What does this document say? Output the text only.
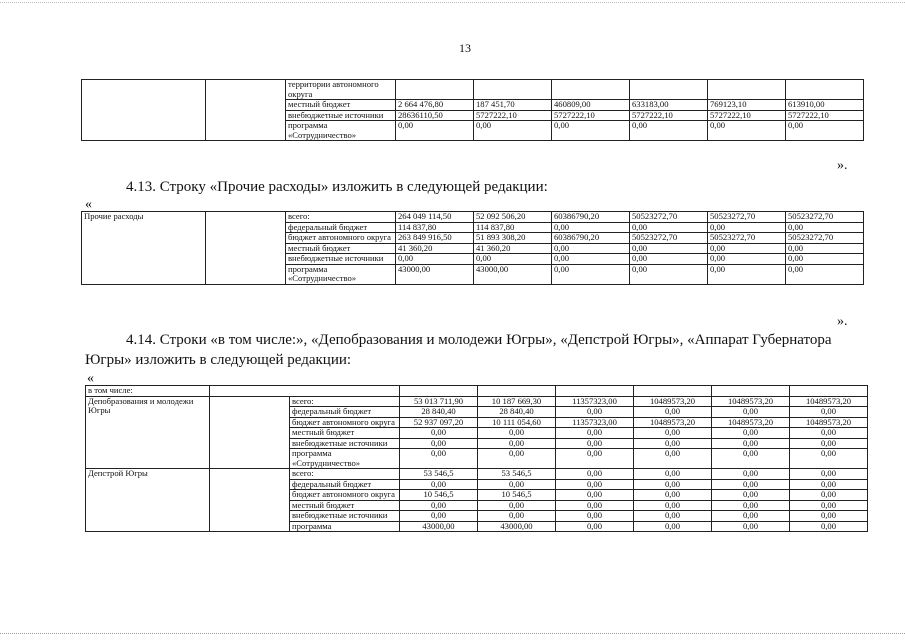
13
		территории автономного округа						
		местный бюджет	2 664 476,80	187 451,70	460809,00	633183,00	769123,10	613910,00
		внебюджетные источники	28636110,50	5727222,10	5727222,10	5727222,10	5727222,10	5727222,10
		программа «Сотрудничество»	0,00	0,00	0,00	0,00	0,00	0,00
».
4.13. Строку «Прочие расходы» изложить в следующей редакции:
«
Прочие расходы		всего:	264 049 114,50	52 092 506,20	60386790,20	50523272,70	50523272,70	50523272,70
		федеральный бюджет	114 837,80	114 837,80	0,00	0,00	0,00	0,00
		бюджет автономного округа	263 849 916,50	51 893 308,20	60386790,20	50523272,70	50523272,70	50523272,70
		местный бюджет	41 360,20	41 360,20	0,00	0,00	0,00	0,00
		внебюджетные источники	0,00	0,00	0,00	0,00	0,00	0,00
		программа «Сотрудничество»	43000,00	43000,00	0,00	0,00	0,00	0,00
».
4.14. Строки «в том числе:», «Депобразования и молодежи Югры», «Депстрой Югры», «Аппарат Губернатора
Югры» изложить в следующей редакции:
«
в том числе:								
Депобразования и молодежи Югры		всего:	53 013 711,90	10 187 669,30	11357323,00	10489573,20	10489573,20	10489573,20
		федеральный бюджет	28 840,40	28 840,40	0,00	0,00	0,00	0,00
		бюджет автономного округа	52 937 097,20	10 111 054,60	11357323,00	10489573,20	10489573,20	10489573,20
		местный бюджет	0,00	0,00	0,00	0,00	0,00	0,00
		внебюджетные источники	0,00	0,00	0,00	0,00	0,00	0,00
		программа «Сотрудничество»	0,00	0,00	0,00	0,00	0,00	0,00
Депстрой Югры		всего:	53 546,5	53 546,5	0,00	0,00	0,00	0,00
		федеральный бюджет	0,00	0,00	0,00	0,00	0,00	0,00
		бюджет автономного округа	10 546,5	10 546,5	0,00	0,00	0,00	0,00
		местный бюджет	0,00	0,00	0,00	0,00	0,00	0,00
		внебюджетные источники	0,00	0,00	0,00	0,00	0,00	0,00
		программа	43000,00	43000,00	0,00	0,00	0,00	0,00
